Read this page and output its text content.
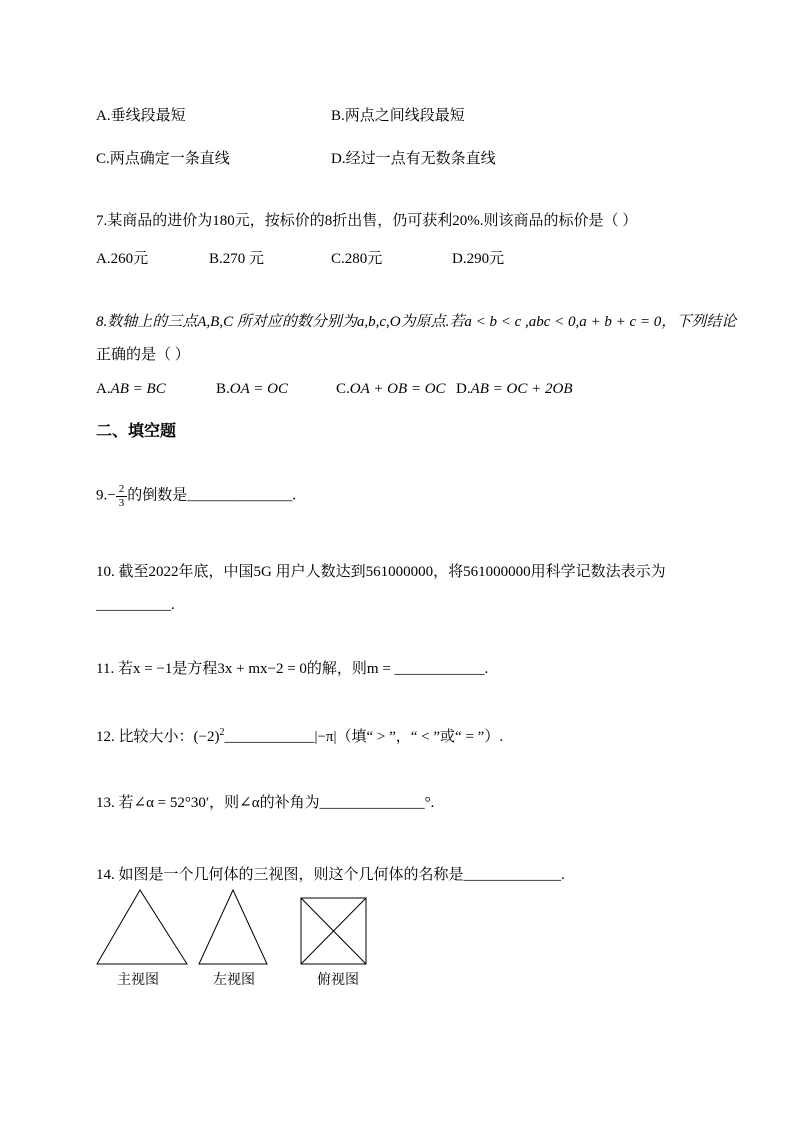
A.垂线段最短	B.两点之间线段最短
C.两点确定一条直线	D.经过一点有无数条直线
7.某商品的进价为180元，按标价的8折出售，仍可获利20%.则该商品的标价是（ ）
A.260元	B.270 元	C.280元	D.290元
8.数轴上的三点A,B,C 所对应的数分别为a,b,c,O为原点.若a < b < c ,abc < 0,a + b + c = 0，下列结论
正确的是（ ）
A.AB = BC	B.OA = OC	C.OA + OB = OC D.AB = OC + 2OB
二、填空题
$9.- \frac{2}{3}$ 的倒数是______________.
10. 截至2022年底，中国5G 用户人数达到561000000，将561000000用科学记数法表示为
__________.
11. 若x = −1是方程3x + mx−2 = 0的解，则m = ____________.
12. 比较大小：$(-2)^2\_\_\_\_\_\_\_\_\_\_\_\_|-\pi|$（填“ > ”，“ < ”或“ = ”）.
13. 若∠α = 52°30′，则∠α的补角为______________°.
14. 如图是一个几何体的三视图，则这个几何体的名称是_____________.
主视图	左视图	俯视图
